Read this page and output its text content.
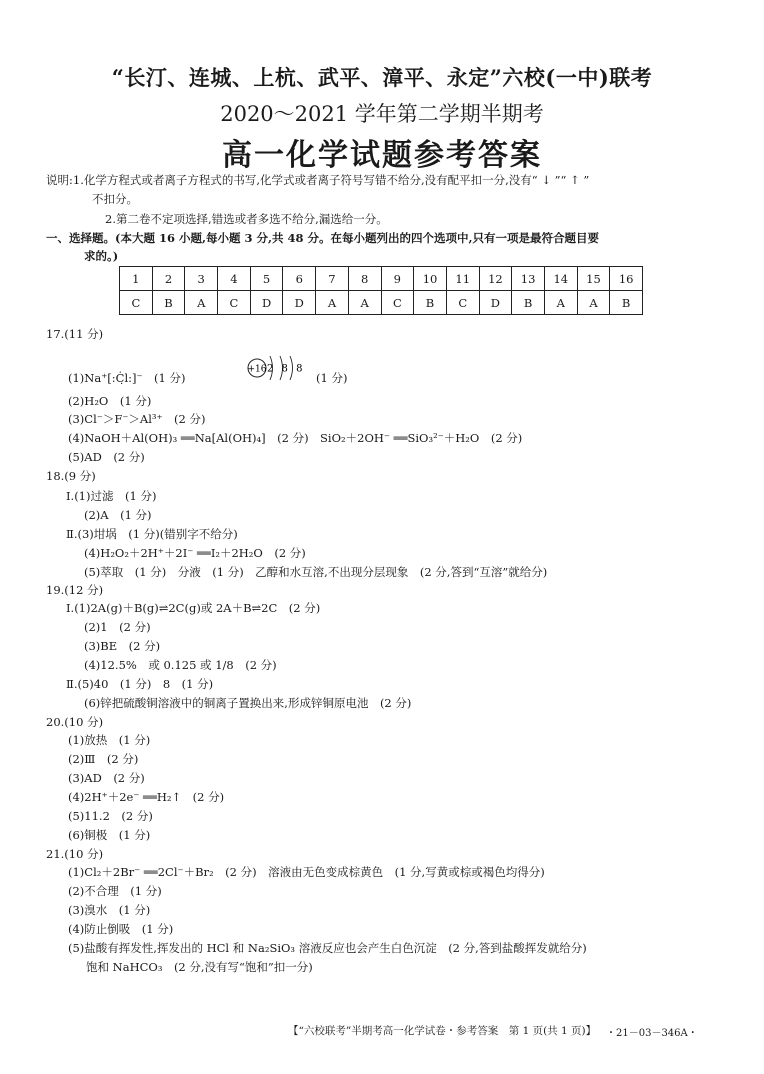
“长汀、连城、上杭、武平、漳平、永定”六校(一中)联考
2020～2021 学年第二学期半期考
高一化学试题参考答案
说明:1.化学方程式或者离子方程式的书写,化学式或者离子符号写错不给分,没有配平扣一分,没有“ ↓ ”“ ↑ ”
不扣分。
2.第二卷不定项选择,错选或者多选不给分,漏选给一分。
一、选择题。(本大题 16 小题,每小题 3 分,共 48 分。在每小题列出的四个选项中,只有一项是最符合题目要
求的。)
1	2	3	4	5	6	7	8	9	10	11	12	13	14	15	16
C	B	A	C	D	D	A	A	C	B	C	D	B	A	A	B
17.(11 分)
(1)Na⁺[:Ċ̣l:]⁻　(1 分)
+16 2 8 8
(1 分)
(2)H₂O　(1 分)
(3)Cl⁻＞F⁻＞Al³⁺　(2 分)
(4)NaOH＋Al(OH)₃ ══Na[Al(OH)₄]　(2 分)　SiO₂＋2OH⁻ ══SiO₃²⁻＋H₂O　(2 分)
(5)AD　(2 分)
18.(9 分)
Ⅰ.(1)过滤　(1 分)
(2)A　(1 分)
Ⅱ.(3)坩埚　(1 分)(错别字不给分)
(4)H₂O₂＋2H⁺＋2I⁻ ══I₂＋2H₂O　(2 分)
(5)萃取　(1 分)　分液　(1 分)　乙醇和水互溶,不出现分层现象　(2 分,答到“互溶”就给分)
19.(12 分)
Ⅰ.(1)2A(g)＋B(g)⇌2C(g)或 2A＋B⇌2C　(2 分)
(2)1　(2 分)
(3)BE　(2 分)
(4)12.5%　或 0.125 或 1/8　(2 分)
Ⅱ.(5)40　(1 分)　8　(1 分)
(6)锌把硫酸铜溶液中的铜离子置换出来,形成锌铜原电池　(2 分)
20.(10 分)
(1)放热　(1 分)
(2)Ⅲ　(2 分)
(3)AD　(2 分)
(4)2H⁺＋2e⁻ ══H₂↑　(2 分)
(5)11.2　(2 分)
(6)铜极　(1 分)
21.(10 分)
(1)Cl₂＋2Br⁻ ══2Cl⁻＋Br₂　(2 分)　溶液由无色变成棕黄色　(1 分,写黄或棕或褐色均得分)
(2)不合理　(1 分)
(3)溴水　(1 分)
(4)防止倒吸　(1 分)
(5)盐酸有挥发性,挥发出的 HCl 和 Na₂SiO₃ 溶液反应也会产生白色沉淀　(2 分,答到盐酸挥发就给分)
饱和 NaHCO₃　(2 分,没有写“饱和”扣一分)
【“六校联考”半期考高一化学试卷・参考答案　第 1 页(共 1 页)】 ・21－03－346A・
